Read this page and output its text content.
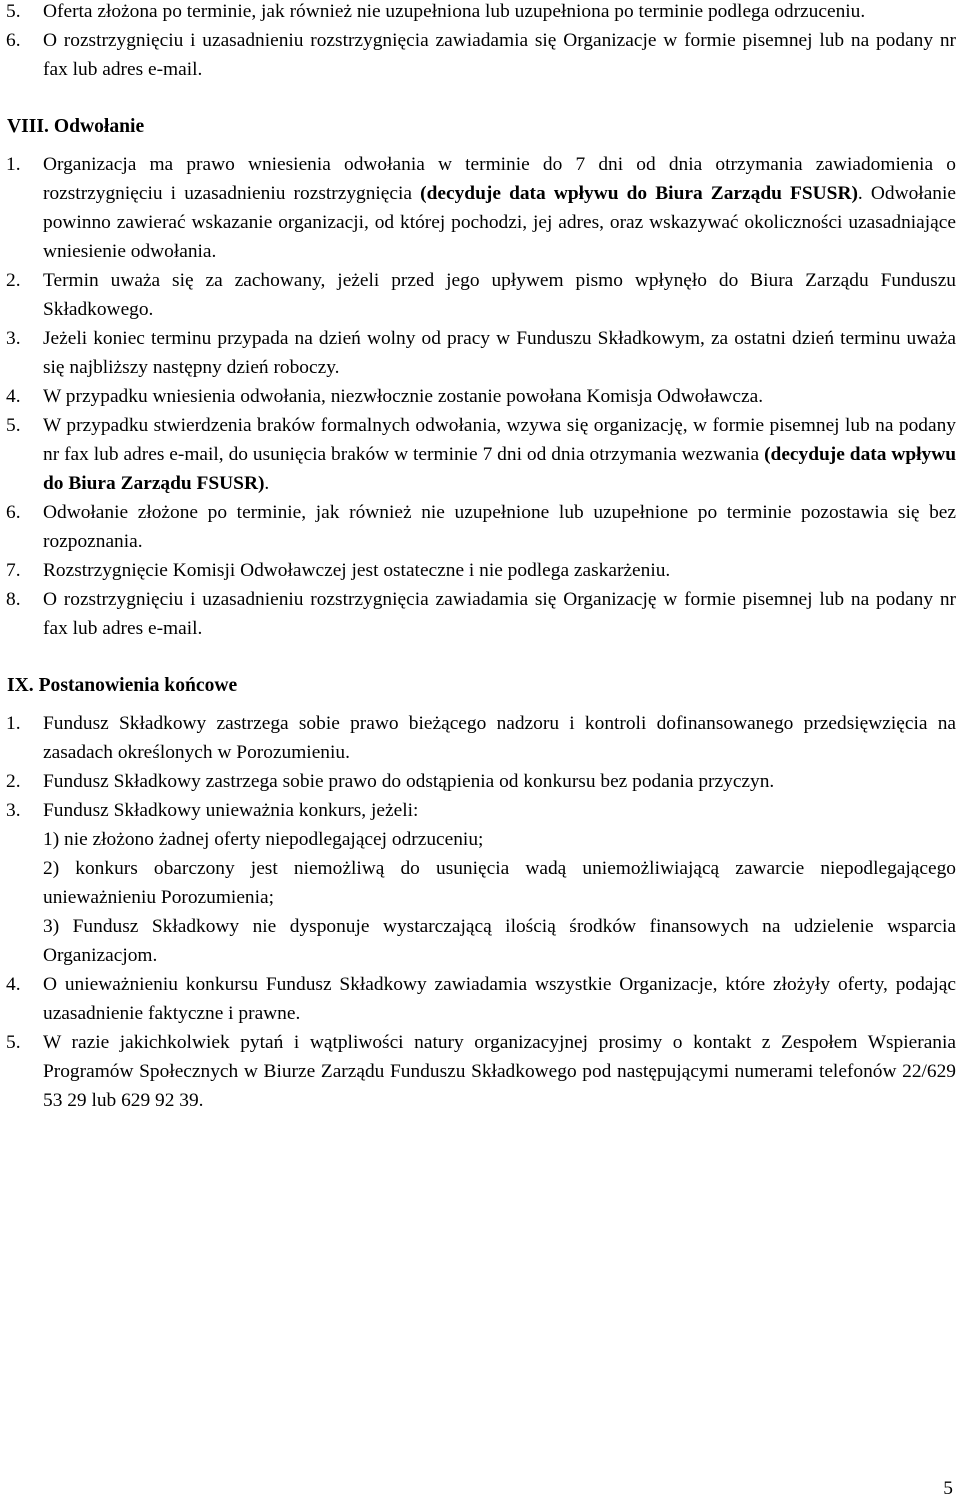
5. Oferta złożona po terminie, jak również nie uzupełniona lub uzupełniona po terminie podlega odrzuceniu.
6. O rozstrzygnięciu i uzasadnieniu rozstrzygnięcia zawiadamia się Organizacje w formie pisemnej lub na podany nr fax lub adres e-mail.
VIII. Odwołanie
1. Organizacja ma prawo wniesienia odwołania w terminie do 7 dni od dnia otrzymania zawiadomienia o rozstrzygnięciu i uzasadnieniu rozstrzygnięcia (decyduje data wpływu do Biura Zarządu FSUSR). Odwołanie powinno zawierać wskazanie organizacji, od której pochodzi, jej adres, oraz wskazywać okoliczności uzasadniające wniesienie odwołania.
2. Termin uważa się za zachowany, jeżeli przed jego upływem pismo wpłynęło do Biura Zarządu Funduszu Składkowego.
3. Jeżeli koniec terminu przypada na dzień wolny od pracy w Funduszu Składkowym, za ostatni dzień terminu uważa się najbliższy następny dzień roboczy.
4. W przypadku wniesienia odwołania, niezwłocznie zostanie powołana Komisja Odwoławcza.
5. W przypadku stwierdzenia braków formalnych odwołania, wzywa się organizację, w formie pisemnej lub na podany nr fax lub adres e-mail, do usunięcia braków w terminie 7 dni od dnia otrzymania wezwania (decyduje data wpływu do Biura Zarządu FSUSR).
6. Odwołanie złożone po terminie, jak również nie uzupełnione lub uzupełnione po terminie pozostawia się bez rozpoznania.
7. Rozstrzygnięcie Komisji Odwoławczej jest ostateczne i nie podlega zaskarżeniu.
8. O rozstrzygnięciu i uzasadnieniu rozstrzygnięcia zawiadamia się Organizację w formie pisemnej lub na podany nr fax lub adres e-mail.
IX. Postanowienia końcowe
1. Fundusz Składkowy zastrzega sobie prawo bieżącego nadzoru i kontroli dofinansowanego przedsięwzięcia na zasadach określonych w Porozumieniu.
2. Fundusz Składkowy zastrzega sobie prawo do odstąpienia od konkursu bez podania przyczyn.
3. Fundusz Składkowy unieważnia konkurs, jeżeli:
1) nie złożono żadnej oferty niepodlegającej odrzuceniu;
2) konkurs obarczony jest niemożliwą do usunięcia wadą uniemożliwiającą zawarcie niepodlegającego unieważnieniu Porozumienia;
3) Fundusz Składkowy nie dysponuje wystarczającą ilością środków finansowych na udzielenie wsparcia Organizacjom.
4. O unieważnieniu konkursu Fundusz Składkowy zawiadamia wszystkie Organizacje, które złożyły oferty, podając uzasadnienie faktyczne i prawne.
5. W razie jakichkolwiek pytań i wątpliwości natury organizacyjnej prosimy o kontakt z Zespołem Wspierania Programów Społecznych w Biurze Zarządu Funduszu Składkowego pod następującymi numerami telefonów 22/629 53 29 lub 629 92 39.
5
